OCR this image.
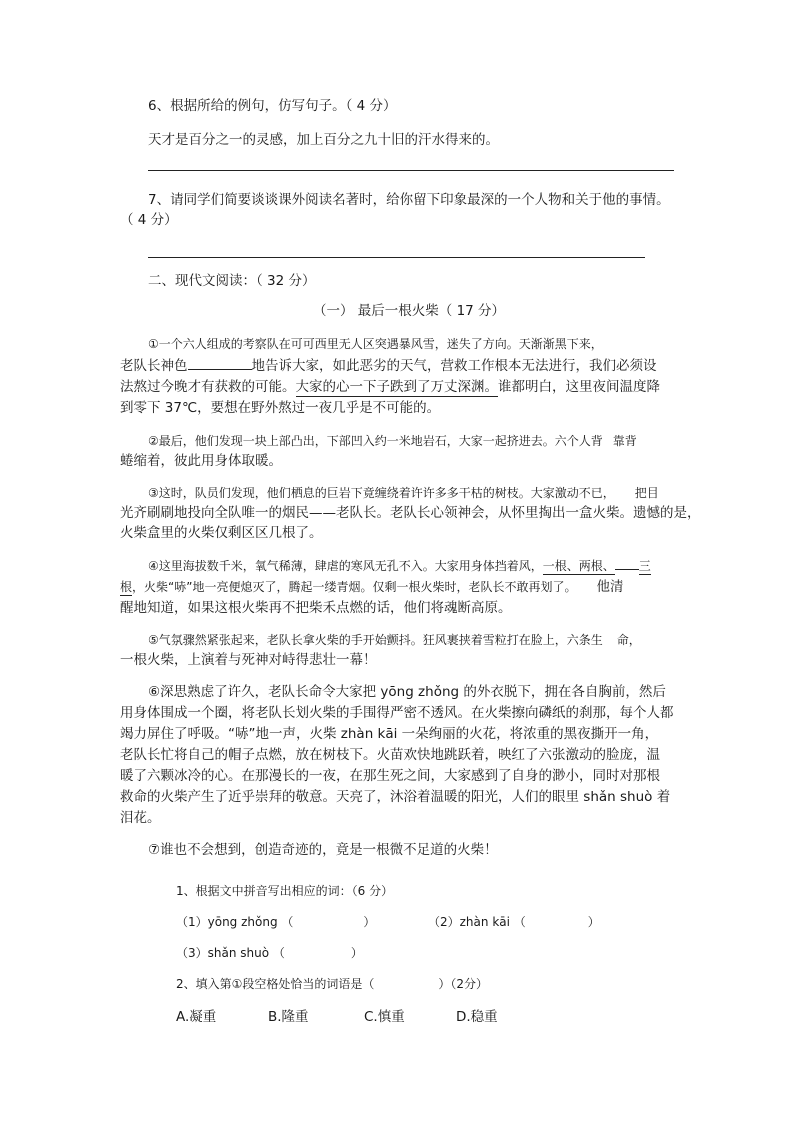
6、根据所给的例句，仿写句子。（ 4 分）
天才是百分之一的灵感，加上百分之九十旧的汗水得来的。
7、请同学们简要谈谈课外阅读名著时，给你留下印象最深的一个人物和关于他的事情。
（ 4 分）
二、现代文阅读：（ 32 分）
（一） 最后一根火柴（ 17 分）
①一个六人组成的考察队在可可西里无人区突遇暴风雪，迷失了方向。天渐渐黑下来，
老队长神色	地告诉大家，如此恶劣的天气，营救工作根本无法进行，我们必须设
法熬过今晚才有获救的可能。大家的心一下子跌到了万丈深渊。谁都明白，这里夜间温度降
到零下 37℃，要想在野外熬过一夜几乎是不可能的。
②最后，他们发现一块上部凸出，下部凹入约一米地岩石，大家一起挤进去。六个人背 靠背
蜷缩着，彼此用身体取暖。
③这时，队员们发现，他们栖息的巨岩下竟缠绕着许许多多干枯的树枝。大家激动不已， 把目
光齐刷刷地投向全队唯一的烟民——老队长。老队长心领神会，从怀里掏出一盒火柴。遗憾的是，
火柴盒里的火柴仅剩区区几根了。
④这里海拔数千米，氧气稀薄，肆虐的寒风无孔不入。大家用身体挡着风，一根、两根、 三
根，火柴“哧”地一亮便熄灭了，腾起一缕青烟。仅剩一根火柴时，老队长不敢再划了。 他清
醒地知道，如果这根火柴再不把柴禾点燃的话，他们将魂断高原。
⑤气氛骤然紧张起来，老队长拿火柴的手开始颤抖。狂风裹挟着雪粒打在脸上，六条生 命，
一根火柴，上演着与死神对峙得悲壮一幕！
⑥深思熟虑了许久，老队长命令大家把 yōng zhǒng 的外衣脱下，拥在各自胸前，然后
用身体围成一个圈，将老队长划火柴的手围得严密不透风。在火柴擦向磷纸的刹那，每个人都
竭力屏住了呼吸。“哧”地一声，火柴 zhàn kāi 一朵绚丽的火花，将浓重的黑夜撕开一角，
老队长忙将自己的帽子点燃，放在树枝下。火苗欢快地跳跃着，映红了六张激动的脸庞，温
暖了六颗冰冷的心。在那漫长的一夜，在那生死之间，大家感到了自身的渺小，同时对那根
救命的火柴产生了近乎崇拜的敬意。天亮了，沐浴着温暖的阳光，人们的眼里 shǎn shuò 着
泪花。
⑦谁也不会想到，创造奇迹的，竟是一根微不足道的火柴！
1、根据文中拼音写出相应的词：（6 分）
（1）yōng zhǒng （	）	（2）zhàn kāi （	）
（3）shǎn shuò （	）
2、填入第①段空格处恰当的词语是（	）（2分）
A.凝重	B.隆重	C.慎重	D.稳重
